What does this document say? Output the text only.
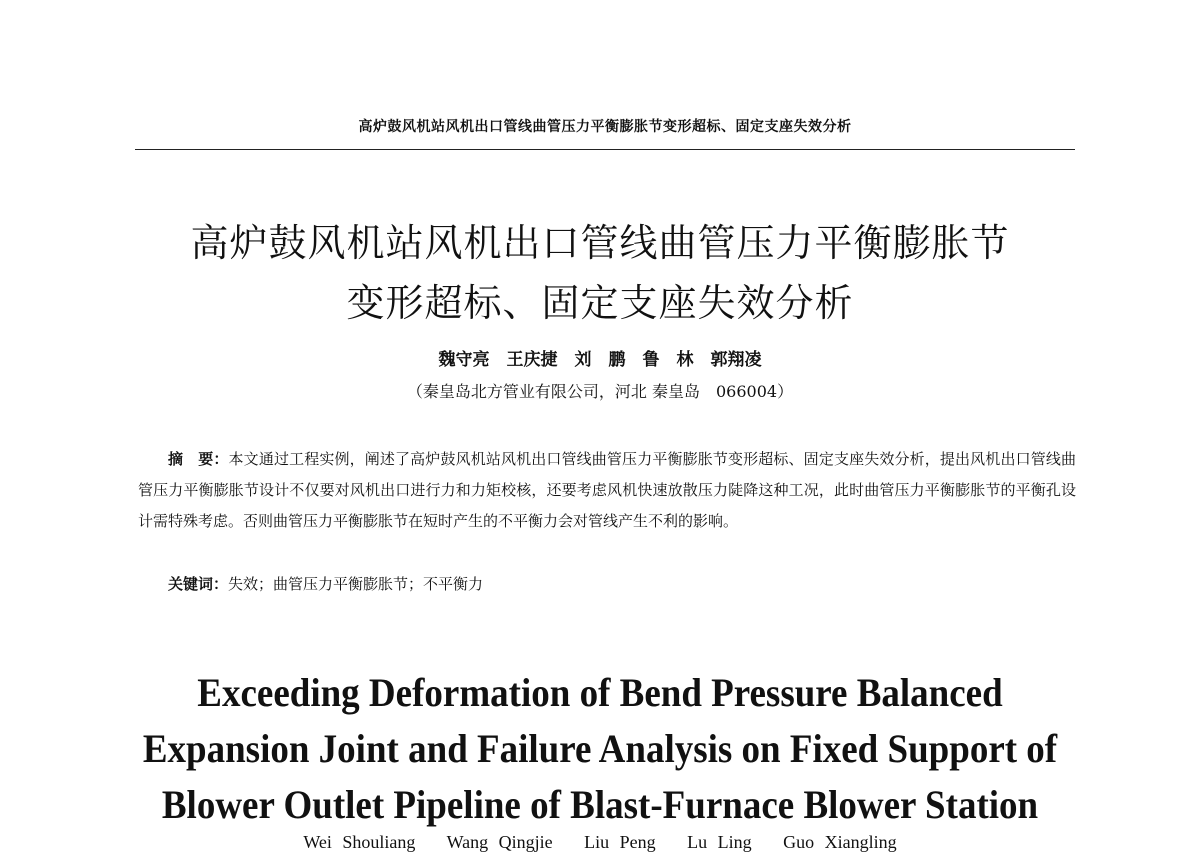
高炉鼓风机站风机出口管线曲管压力平衡膨胀节变形超标、固定支座失效分析
高炉鼓风机站风机出口管线曲管压力平衡膨胀节
变形超标、固定支座失效分析
魏守亮　王庆捷　刘　鹏　鲁　林　郭翔凌
（秦皇岛北方管业有限公司，河北 秦皇岛　066004）

摘　要：本文通过工程实例，阐述了高炉鼓风机站风机出口管线曲管压力平衡膨胀节变形超标、固定支座失效分析，提出风机出口管线曲管压力平衡膨胀节设计不仅要对风机出口进行力和力矩校核，还要考虑风机快速放散压力陡降这种工况，此时曲管压力平衡膨胀节的平衡孔设计需特殊考虑。否则曲管压力平衡膨胀节在短时产生的不平衡力会对管线产生不利的影响。

关键词：失效；曲管压力平衡膨胀节；不平衡力
Exceeding Deformation of Bend Pressure Balanced
Expansion Joint and Failure Analysis on Fixed Support of
Blower Outlet Pipeline of Blast-Furnace Blower Station
Wei Shouliang   Wang Qingjie   Liu Peng   Lu Ling   Guo Xiangling
